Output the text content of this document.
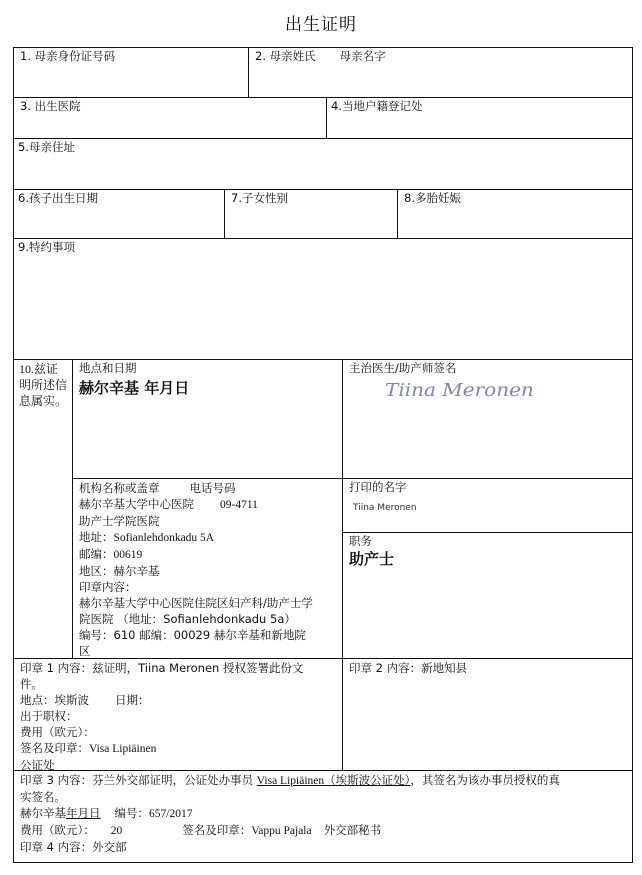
出生证明
1. 母亲身份证号码	2. 母亲姓氏 母亲名字
3. 出生医院	4.当地户籍登记处
5.母亲住址
6.孩子出生日期	7.子女性别	8.多胎妊娠
9.特约事项
10.兹证明所述信息属实。
地点和日期
赫尔辛基 年月日
主治医生/助产师签名
Tiina Meronen
机构名称或盖章	电话号码
赫尔辛基大学中心医院 09-4711
助产士学院医院
地址：Sofianlehdonkadu 5A
邮编：00619
地区：赫尔辛基
印章内容：
赫尔辛基大学中心医院住院区妇产科/助产士学
院医院 （地址：Sofianlehdonkadu 5a）
编号：610 邮编：00029 赫尔辛基和新地院
区
打印的名字
Tiina Meronen
职务
助产士
印章 1 内容：兹证明，Tiina Meronen 授权签署此份文
件。
地点：埃斯波 日期：
出于职权：
费用（欧元）：
签名及印章：Visa Lipiäinen
公证处
印章 2 内容：新地知县
印章 3 内容：芬兰外交部证明，公证处办事员 Visa Lipiäinen（埃斯波公证处），其签名为该办事员授权的真
实签名。
赫尔辛基年月日 编号：657/2017
费用（欧元）： 20	签名及印章：Vappu Pajala 外交部秘书
印章 4 内容：外交部
